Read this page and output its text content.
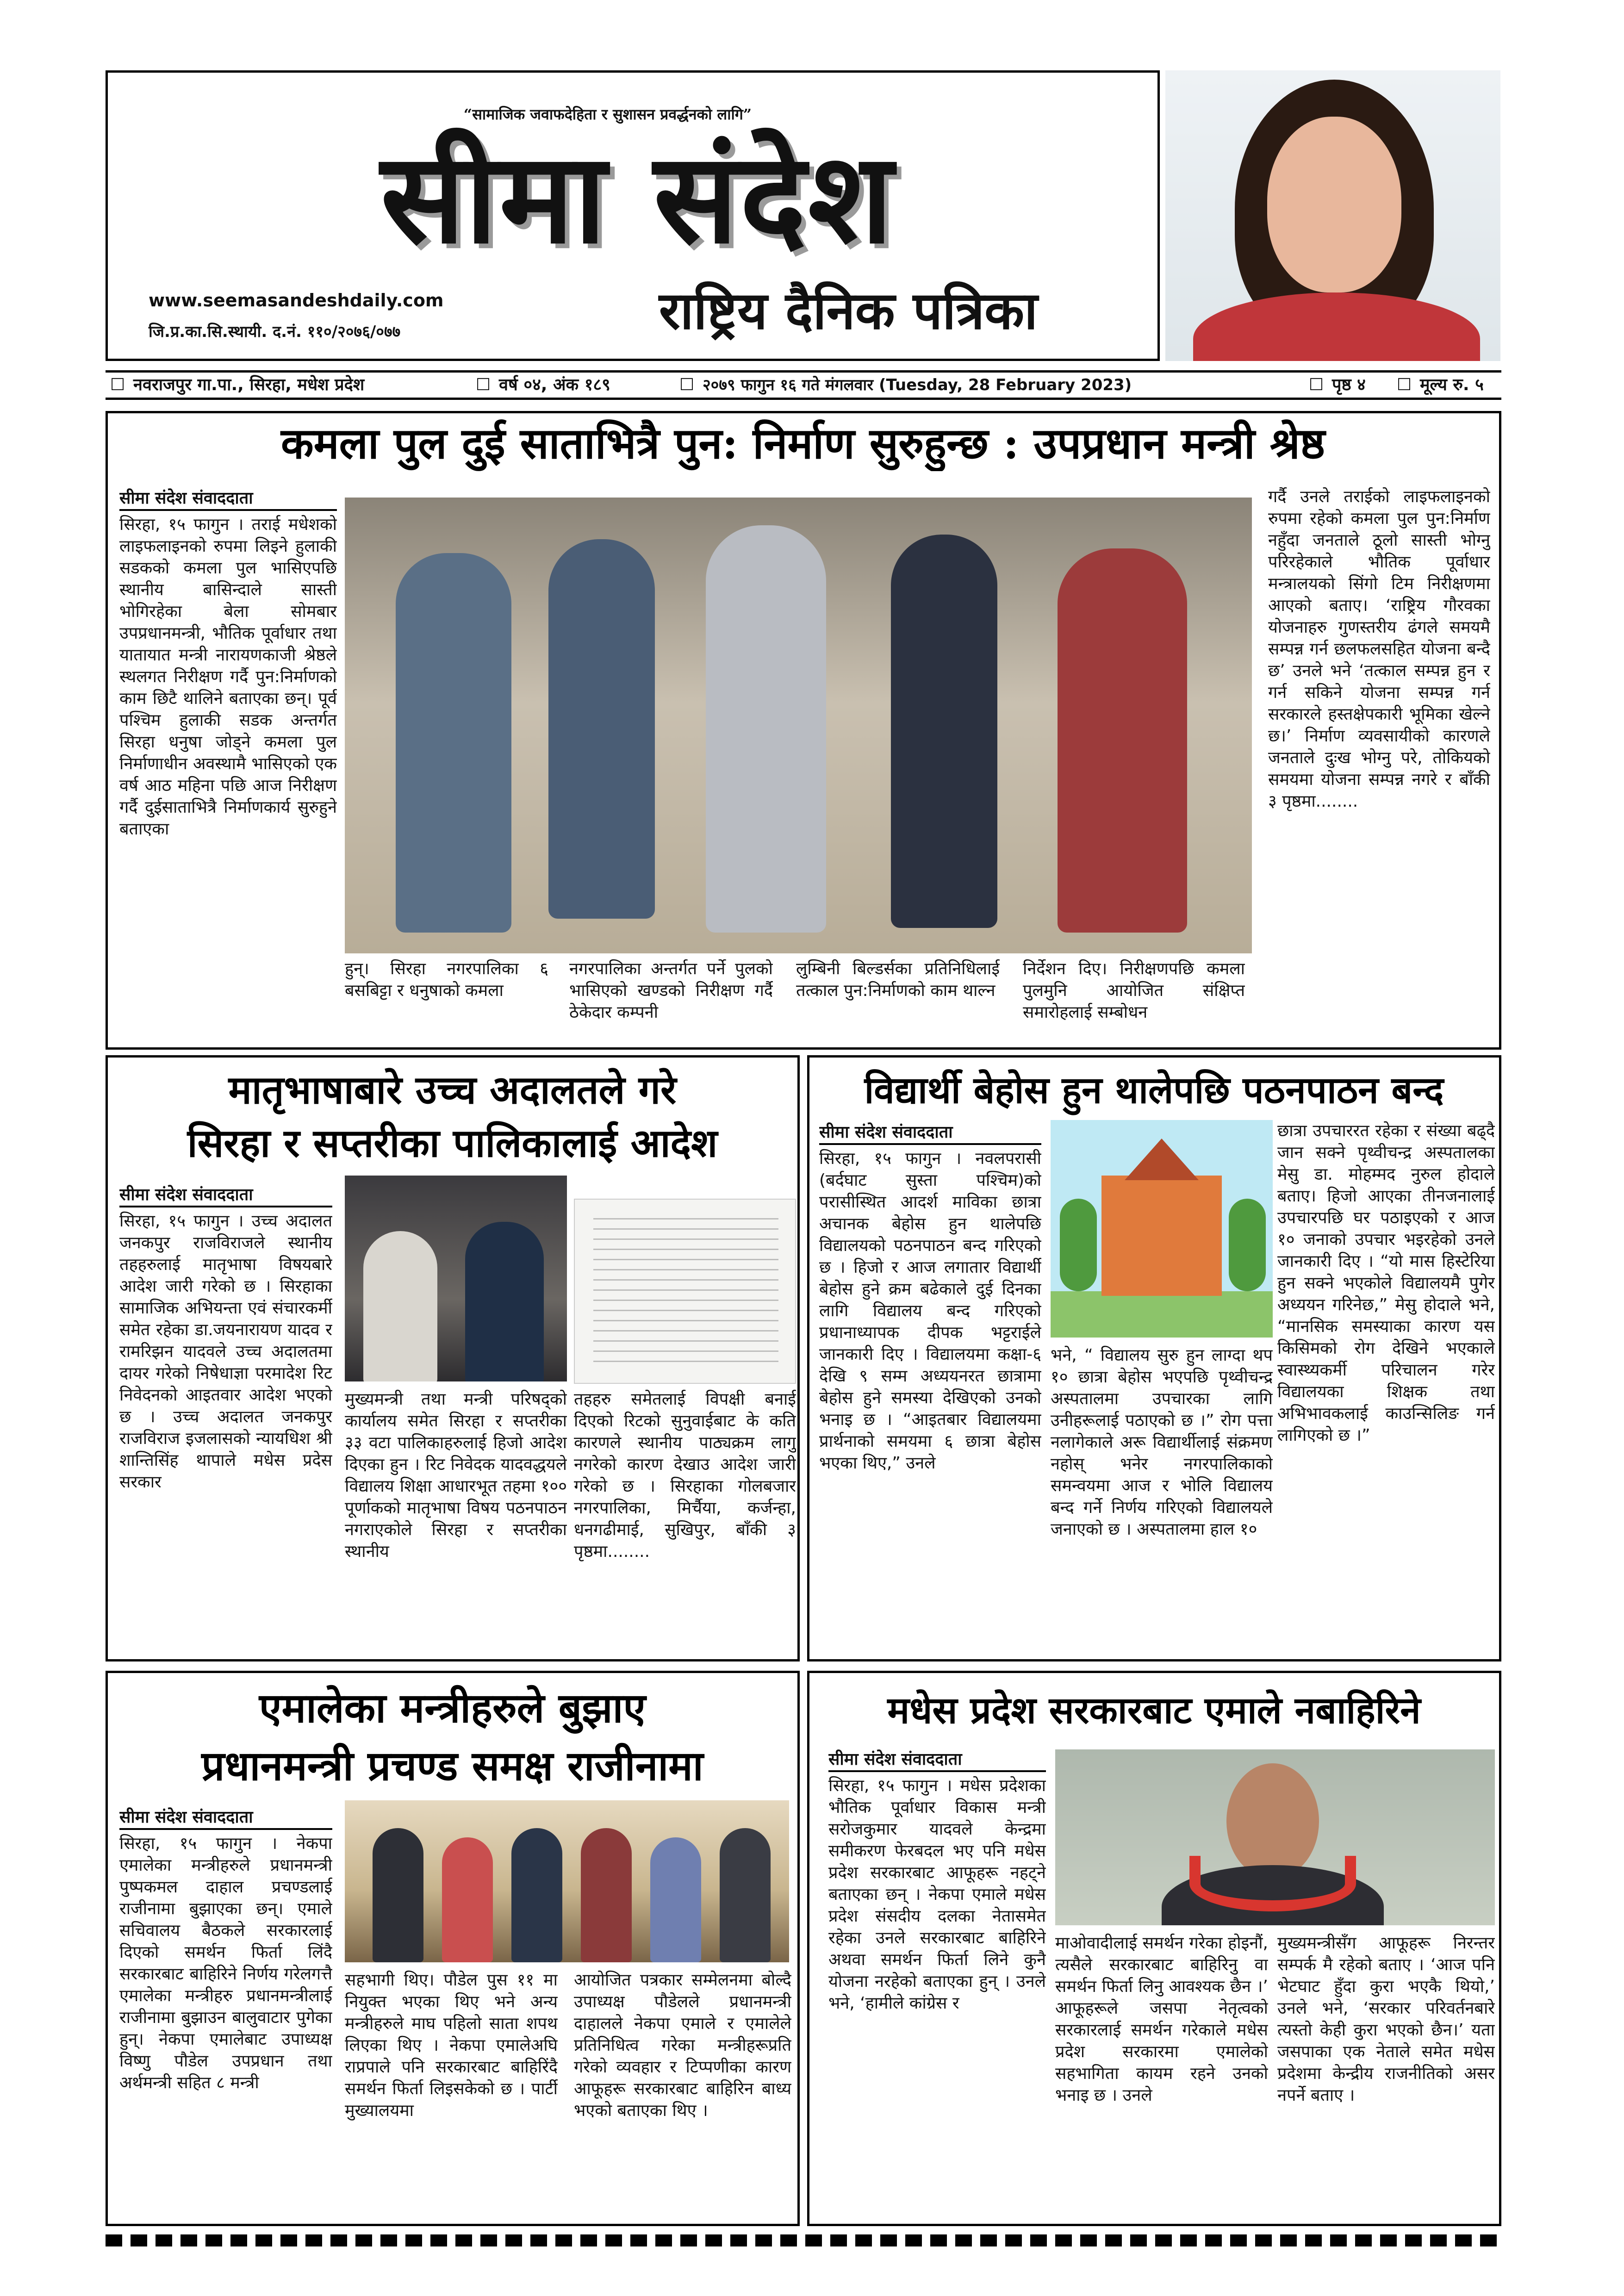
“सामाजिक जवाफदेहिता र सुशासन प्रवर्द्धनको लागि”
सीमा संदेश
www.seemasandeshdaily.com
जि.प्र.का.सि.स्थायी. द.नं. ११०/२०७६/०७७	राष्ट्रिय दैनिक पत्रिका
☐ नवराजपुर गा.पा., सिरहा, मधेश प्रदेश	☐ वर्ष ०४, अंक १८९	☐ २०७९ फागुन १६ गते मंगलवार (Tuesday, 28 February 2023)	☐ पृष्ठ ४ ☐ मूल्य रु. ५
कमला पुल दुई साताभित्रै पुन: निर्माण सुरुहुन्छ : उपप्रधान मन्त्री श्रेष्ठ
सीमा संदेश संवाददाता
सिरहा, १५ फागुन । तराई मधेशको लाइफलाइनको रुपमा लिइने हुलाकी सडकको कमला पुल भासिएपछि स्थानीय बासिन्दाले सास्ती भोगिरहेका बेला सोमबार उपप्रधानमन्त्री, भौतिक पूर्वाधार तथा यातायात मन्त्री नारायणकाजी श्रेष्ठले स्थलगत निरीक्षण गर्दै पुन:निर्माणको काम छिटै थालिने बताएका छन्। पूर्व पश्चिम हुलाकी सडक अन्तर्गत सिरहा धनुषा जोड्ने कमला पुल निर्माणाधीन अवस्थामै भासिएको एक वर्ष आठ महिना पछि आज निरीक्षण गर्दै दुईसाताभित्रै निर्माणकार्य सुरुहुने बताएका
हुन्। सिरहा नगरपालिका ६ बसबिट्टा र धनुषाको कमला
नगरपालिका अन्तर्गत पर्ने पुलको भासिएको खण्डको निरीक्षण गर्दै ठेकेदार कम्पनी
लुम्बिनी बिल्डर्सका प्रतिनिधिलाई तत्काल पुन:निर्माणको काम थाल्न
निर्देशन दिए। निरीक्षणपछि कमला पुलमुनि आयोजित संक्षिप्त समारोहलाई सम्बोधन
गर्दै उनले तराईको लाइफलाइनको रुपमा रहेको कमला पुल पुन:निर्माण नहुँदा जनताले ठूलो सास्ती भोग्नु परिरहेकाले भौतिक पूर्वाधार मन्त्रालयको सिंगो टिम निरीक्षणमा आएको बताए। ‘राष्ट्रिय गौरवका योजनाहरु गुणस्तरीय ढंगले समयमै सम्पन्न गर्न छलफलसहित योजना बन्दै छ’ उनले भने ‘तत्काल सम्पन्न हुन र गर्न सकिने योजना सम्पन्न गर्न सरकारले हस्तक्षेपकारी भूमिका खेल्ने छ।’ निर्माण व्यवसायीको कारणले जनताले दुःख भोग्नु परे, तोकियको समयमा योजना सम्पन्न नगरे र बाँकी ३ पृष्ठमा........
मातृभाषाबारे उच्च अदालतले गरे
सिरहा र सप्तरीका पालिकालाई आदेश
सीमा संदेश संवाददाता
सिरहा, १५ फागुन । उच्च अदालत जनकपुर राजविराजले स्थानीय तहहरुलाई मातृभाषा विषयबारे आदेश जारी गरेको छ । सिरहाका सामाजिक अभियन्ता एवं संचारकर्मी समेत रहेका डा.जयनारायण यादव र रामरिझन यादवले उच्च अदालतमा दायर गरेको निषेधाज्ञा परमादेश रिट निवेदनको आइतवार आदेश भएको छ । उच्च अदालत जनकपुर राजविराज इजलासको न्यायधिश श्री शान्तिसिंह थापाले मधेस प्रदेस सरकार
मुख्यमन्त्री तथा मन्त्री परिषद्को कार्यालय समेत सिरहा र सप्तरीका ३३ वटा पालिकाहरुलाई हिजो आदेश दिएका हुन । रिट निवेदक यादवद्धयले विद्यालय शिक्षा आधारभूत तहमा १०० पूर्णाकको मातृभाषा विषय पठनपाठन नगराएकोले सिरहा र सप्तरीका स्थानीय
तहहरु समेतलाई विपक्षी बनाई दिएको रिटको सुनुवाईबाट के कति कारणले स्थानीय पाठ्यक्रम लागु नगरेको कारण देखाउ आदेश जारी गरेको छ । सिरहाका गोलबजार नगरपालिका, मिर्चैया, कर्जन्हा, धनगढीमाई, सुखिपुर, बाँकी ३ पृष्ठमा........
विद्यार्थी बेहोस हुन थालेपछि पठनपाठन बन्द
सीमा संदेश संवाददाता
सिरहा, १५ फागुन । नवलपरासी (बर्दघाट सुस्ता पश्चिम)को परासीस्थित आदर्श माविका छात्रा अचानक बेहोस हुन थालेपछि विद्यालयको पठनपाठन बन्द गरिएको छ । हिजो र आज लगातार विद्यार्थी बेहोस हुने क्रम बढेकाले दुई दिनका लागि विद्यालय बन्द गरिएको प्रधानाध्यापक दीपक भट्टराईले जानकारी दिए । विद्यालयमा कक्षा-६ देखि ९ सम्म अध्ययनरत छात्रामा बेहोस हुने समस्या देखिएको उनको भनाइ छ । “आइतबार विद्यालयमा प्रार्थनाको समयमा ६ छात्रा बेहोस भएका थिए,” उनले
भने, “ विद्यालय सुरु हुन लाग्दा थप १० छात्रा बेहोस भएपछि पृथ्वीचन्द्र अस्पतालमा उपचारका लागि उनीहरूलाई पठाएको छ ।” रोग पत्ता नलागेकाले अरू विद्यार्थीलाई संक्रमण नहोस् भनेर नगरपालिकाको समन्वयमा आज र भोलि विद्यालय बन्द गर्ने निर्णय गरिएको विद्यालयले जनाएको छ । अस्पतालमा हाल १०
छात्रा उपचाररत रहेका र संख्या बढ्दै जान सक्ने पृथ्वीचन्द्र अस्पतालका मेसु डा. मोहम्मद नुरुल होदाले बताए। हिजो आएका तीनजनालाई उपचारपछि घर पठाइएको र आज १० जनाको उपचार भइरहेको उनले जानकारी दिए । “यो मास हिस्टेरिया हुन सक्ने भएकोले विद्यालयमै पुगेर अध्ययन गरिनेछ,” मेसु होदाले भने, “मानसिक समस्याका कारण यस किसिमको रोग देखिने भएकाले स्वास्थ्यकर्मी परिचालन गरेर विद्यालयका शिक्षक तथा अभिभावकलाई काउन्सिलिङ गर्न लागिएको छ ।”
एमालेका मन्त्रीहरुले बुझाए
प्रधानमन्त्री प्रचण्ड समक्ष राजीनामा
सीमा संदेश संवाददाता
सिरहा, १५ फागुन । नेकपा एमालेका मन्त्रीहरुले प्रधानमन्त्री पुष्पकमल दाहाल प्रचण्डलाई राजीनामा बुझाएका छन्। एमाले सचिवालय बैठकले सरकारलाई दिएको समर्थन फिर्ता लिंदै सरकारबाट बाहिरिने निर्णय गरेलगत्तै एमालेका मन्त्रीहरु प्रधानमन्त्रीलाई राजीनामा बुझाउन बालुवाटार पुगेका हुन्। नेकपा एमालेबाट उपाध्यक्ष विष्णु पौडेल उपप्रधान तथा अर्थमन्त्री सहित ८ मन्त्री
सहभागी थिए। पौडेल पुस ११ मा नियुक्त भएका थिए भने अन्य मन्त्रीहरुले माघ पहिलो साता शपथ लिएका थिए । नेकपा एमालेअघि राप्रपाले पनि सरकारबाट बाहिरिंदै समर्थन फिर्ता लिइसकेको छ । पार्टी मुख्यालयमा
आयोजित पत्रकार सम्मेलनमा बोल्दै उपाध्यक्ष पौडेलले प्रधानमन्त्री दाहालले नेकपा एमाले र एमालेले प्रतिनिधित्व गरेका मन्त्रीहरूप्रति गरेको व्यवहार र टिप्पणीका कारण आफूहरू सरकारबाट बाहिरिन बाध्य भएको बताएका थिए ।
मधेस प्रदेश सरकारबाट एमाले नबाहिरिने
सीमा संदेश संवाददाता
सिरहा, १५ फागुन । मधेस प्रदेशका भौतिक पूर्वाधार विकास मन्त्री सरोजकुमार यादवले केन्द्रमा समीकरण फेरबदल भए पनि मधेस प्रदेश सरकारबाट आफूहरू नहट्ने बताएका छन् । नेकपा एमाले मधेस प्रदेश संसदीय दलका नेतासमेत रहेका उनले सरकारबाट बाहिरिने अथवा समर्थन फिर्ता लिने कुनै योजना नरहेको बताएका हुन् । उनले भने, ‘हामीले कांग्रेस र
माओवादीलाई समर्थन गरेका होइनौं, त्यसैले सरकारबाट बाहिरिनु वा समर्थन फिर्ता लिनु आवश्यक छैन ।’ आफूहरूले जसपा नेतृत्वको सरकारलाई समर्थन गरेकाले मधेस प्रदेश सरकारमा एमालेको सहभागिता कायम रहने उनको भनाइ छ । उनले
मुख्यमन्त्रीसँग आफूहरू निरन्तर सम्पर्क मै रहेको बताए । ‘आज पनि भेटघाट हुँदा कुरा भएकै थियो,’ उनले भने, ‘सरकार परिवर्तनबारे त्यस्तो केही कुरा भएको छैन।’ यता जसपाका एक नेताले समेत मधेस प्रदेशमा केन्द्रीय राजनीतिको असर नपर्ने बताए ।
